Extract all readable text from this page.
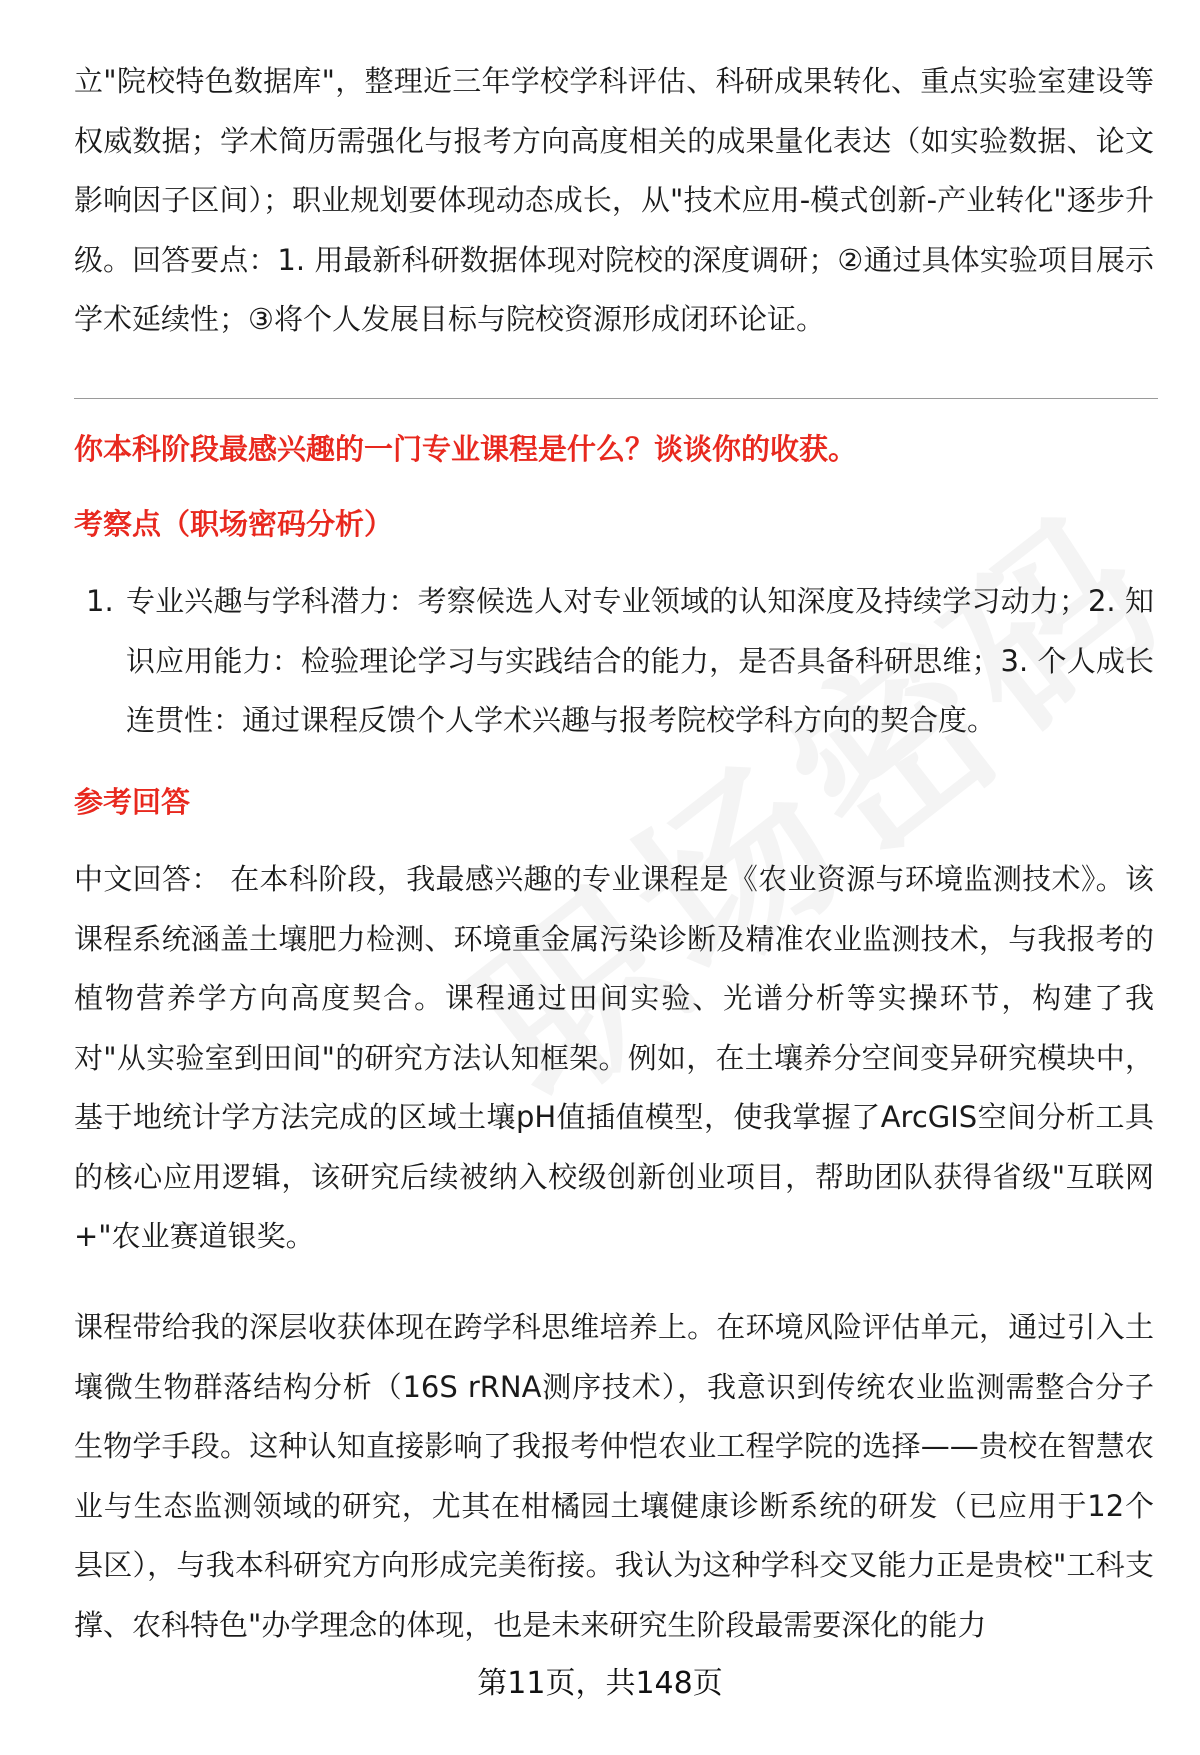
立"院校特色数据库"，整理近三年学校学科评估、科研成果转化、重点实验室建设等权威数据；学术简历需强化与报考方向高度相关的成果量化表达（如实验数据、论文影响因子区间）；职业规划要体现动态成长，从"技术应用-模式创新-产业转化"逐步升级。回答要点：1. 用最新科研数据体现对院校的深度调研；②通过具体实验项目展示学术延续性；③将个人发展目标与院校资源形成闭环论证。

你本科阶段最感兴趣的一门专业课程是什么？谈谈你的收获。
考察点（职场密码分析）
1. 专业兴趣与学科潜力：考察候选人对专业领域的认知深度及持续学习动力；2. 知识应用能力：检验理论学习与实践结合的能力，是否具备科研思维；3. 个人成长连贯性：通过课程反馈个人学术兴趣与报考院校学科方向的契合度。

参考回答

中文回答： 在本科阶段，我最感兴趣的专业课程是《农业资源与环境监测技术》。该课程系统涵盖土壤肥力检测、环境重金属污染诊断及精准农业监测技术，与我报考的植物营养学方向高度契合。课程通过田间实验、光谱分析等实操环节，构建了我对"从实验室到田间"的研究方法认知框架。例如，在土壤养分空间变异研究模块中，基于地统计学方法完成的区域土壤pH值插值模型，使我掌握了ArcGIS空间分析工具的核心应用逻辑，该研究后续被纳入校级创新创业项目，帮助团队获得省级"互联网+"农业赛道银奖。

课程带给我的深层收获体现在跨学科思维培养上。在环境风险评估单元，通过引入土壤微生物群落结构分析（16S rRNA测序技术），我意识到传统农业监测需整合分子生物学手段。这种认知直接影响了我报考仲恺农业工程学院的选择——贵校在智慧农业与生态监测领域的研究，尤其在柑橘园土壤健康诊断系统的研发（已应用于12个县区），与我本科研究方向形成完美衔接。我认为这种学科交叉能力正是贵校"工科支撑、农科特色"办学理念的体现，也是未来研究生阶段最需要深化的能力

第11页，共148页
